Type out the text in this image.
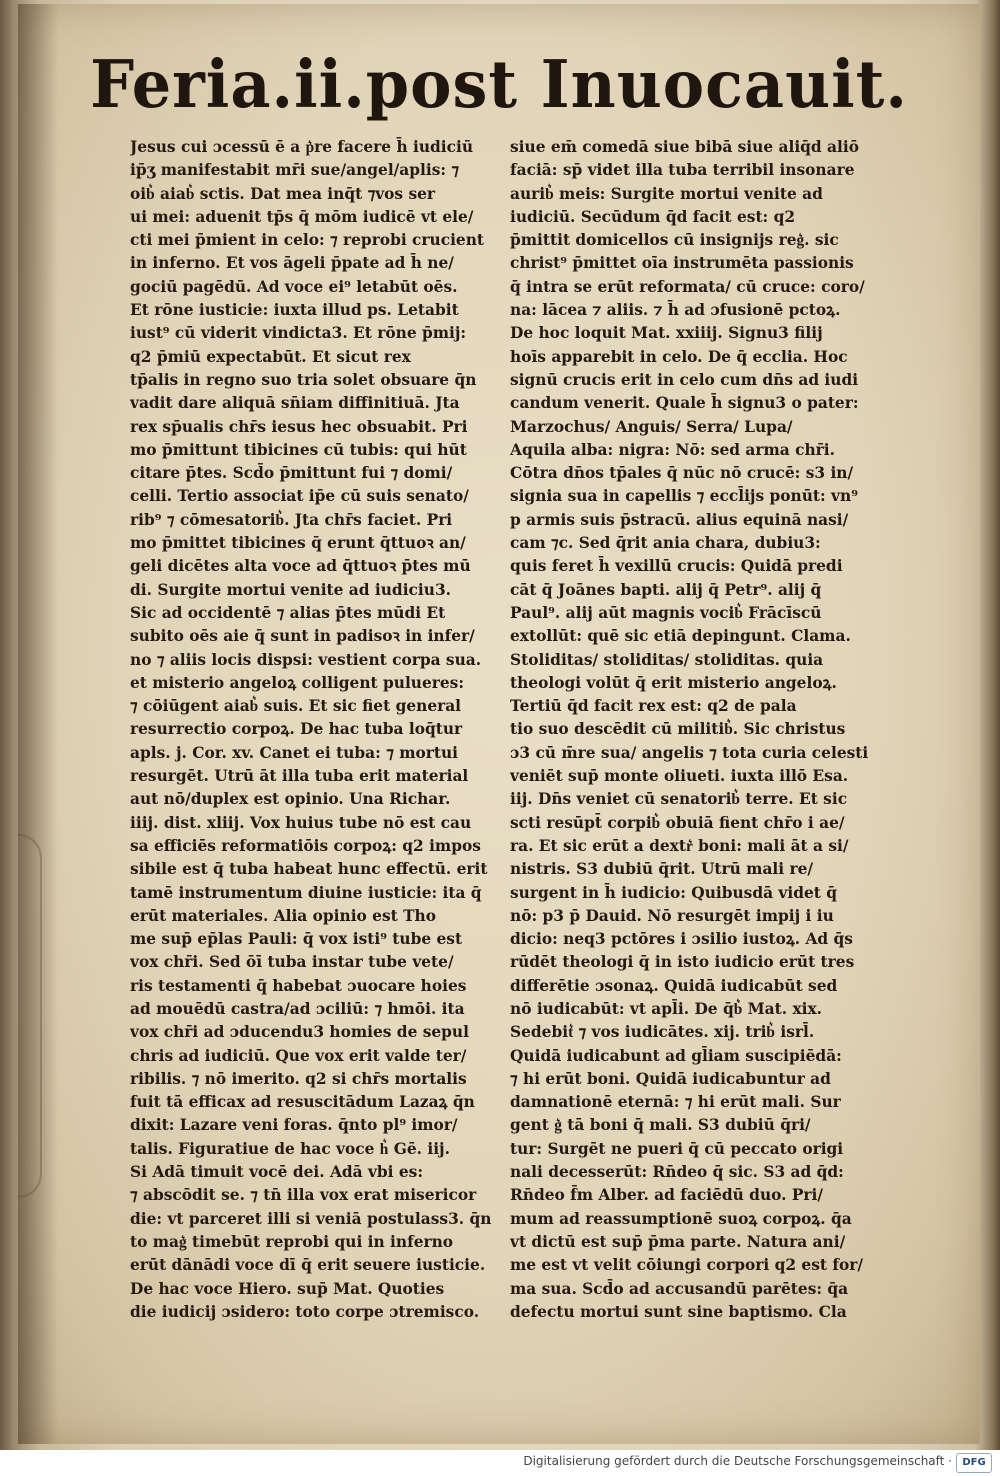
Feria.ii.post Inuocauit.
Jesus cui ɔcessū ē a p͛re facere h̄ iudiciū
ip̄ʒ manifestabit mr̄i sue/angel/aplis: ⁊
oib͛ aiab͛ sctis. Dat mea inq̄t ⁊vos ser
ui mei: aduenit tp̄s q̄ mōm iudicē vt ele/
cti mei p̄mient in celo: ⁊ reprobi crucient
in inferno. Et vos āgeli p̄pate ad h̄ ne/
gociū pagēdū. Ad voce ei⁹ letabūt oēs.
Et rōne iusticie: iuxta illud ps. Letabit
iust⁹ cū viderit vindicta3. Et rōne p̄mij:
q2 p̄miū expectabūt. Et sicut rex
tp̄alis in regno suo tria solet obsuare q̄n
vadit dare aliquā sn̄iam diffinitiuā. Jta
rex sp̄ualis chr̄s iesus hec obsuabit. Pri
mo p̄mittunt tibicines cū tubis: qui hūt
citare p̄tes. Scd̄o p̄mittunt fui ⁊ domi/
celli. Tertio associat ip̄e cū suis senato/
rib⁹ ⁊ cōmesatorib͛. Jta chr̄s faciet. Pri
mo p̄mittet tibicines q̄ erunt q̄ttuoꝛ an/
geli dicētes alta voce ad q̄ttuoꝛ p̄tes mū
di. Surgite mortui venite ad iudiciu3.
Sic ad occidentē ⁊ alias p̄tes mūdi Et
subito oēs aie q̄ sunt in padisoꝛ in infer/
no ⁊ aliis locis dispsi: vestient corpa sua.
et misterio angeloꝝ colligent pulueres:
⁊ cōiūgent aiab͛ suis. Et sic fiet general
resurrectio corpoꝝ. De hac tuba loq̄tur
apls. j. Cor. xv. Canet ei tuba: ⁊ mortui
resurgēt. Utrū āt illa tuba erit material
aut nō/duplex est opinio. Una Richar.
iiij. dist. xliij. Vox huius tube nō est cau
sa efficiēs reformatiōis corpoꝝ: q2 impos
sibile est q̄ tuba habeat hunc effectū. erit
tamē instrumentum diuine iusticie: ita q̄
erūt materiales. Alia opinio est Tho
me sup̄ ep̄las Pauli: q̄ vox isti⁹ tube est
vox chr̄i. Sed ōī tuba instar tube vete/
ris testamenti q̄ habebat ɔuocare hoies
ad mouēdū castra/ad ɔciliū: ⁊ hmōi. ita
vox chr̄i ad ɔducendu3 homies de sepul
chris ad iudiciū. Que vox erit valde ter/
ribilis. ⁊ nō imerito. q2 si chr̄s mortalis
fuit tā efficax ad resuscitādum Lazaꝝ q̄n
dixit: Lazare veni foras. q̄nto pl⁹ imor/
talis. Figuratiue de hac voce h͛ Gē. iij.
Si Adā timuit vocē dei. Adā vbi es:
⁊ abscōdit se. ⁊ tn̄ illa vox erat misericor
die: vt parceret illi si veniā postulass3. q̄n
to mag͛ timebūt reprobi qui in inferno
erūt dānādi voce dī q̄ erit seuere iusticie.
De hac voce Hiero. sup̄ Mat. Quoties
die iudicij ɔsidero: toto corpe ɔtremisco.
siue em̄ comedā siue bibā siue aliq̄d aliō
faciā: sp̄ videt illa tuba terribil insonare
aurib͛ meis: Surgite mortui venite ad
iudiciū. Secūdum q̄d facit est: q2
p̄mittit domicellos cū insignijs reg͛. sic
christ⁹ p̄mittet oīa instrumēta passionis
q̄ intra se erūt reformata/ cū cruce: coro/
na: lācea ⁊ aliis. ⁊ h̄ ad ɔfusionē pctoꝝ.
De hoc loquit Mat. xxiiij. Signu3 filij
hoīs apparebit in celo. De q̄ ecclia. Hoc
signū crucis erit in celo cum dn̄s ad iudi
candum venerit. Quale h̄ signu3 o pater:
Marzochus/ Anguis/ Serra/ Lupa/
Aquila alba: nigra: Nō: sed arma chr̄i.
Cōtra dn̄os tp̄ales q̄ nūc nō crucē: s3 in/
signia sua in capellis ⁊ eccl̄ijs ponūt: vn⁹
p armis suis p̄stracū. alius equinā nasi/
cam ⁊c. Sed q̄rit ania chara, dubiu3:
quis feret h̄ vexillū crucis: Quidā predi
cāt q̄ Joānes bapti. alij q̄ Petr⁹. alij q̄
Paul⁹. alij aūt magnis vocib͛ Frācīscū
extollūt: quē sic etiā depingunt. Clama.
Stoliditas/ stoliditas/ stoliditas. quia
theologi volūt q̄ erit misterio angeloꝝ.
Tertiū q̄d facit rex est: q2 de pala
tio suo descēdit cū militib͛. Sic christus
ɔ3 cū m̄re sua/ angelis ⁊ tota curia celesti
veniēt sup̄ monte oliueti. iuxta illō Esa.
iij. Dn̄s veniet cū senatorib͛ terre. Et sic
scti resūpt̄ corpib͛ obuiā fient chr̄o i ae/
ra. Et sic erūt a dextr͛ boni: mali āt a si/
nistris. S3 dubiū q̄rit. Utrū mali re/
surgent in h̄ iudicio: Quibusdā videt q̄
nō: p3 p̄ Dauid. Nō resurgēt impij i iu
dicio: neq3 pctōres i ɔsilio iustoꝝ. Ad q̄s
rūdēt theologi q̄ in isto iudicio erūt tres
differētie ɔsonaꝝ. Quidā iudicabūt sed
nō iudicabūt: vt apl̄i. De q̄b͛ Mat. xix.
Sedebit͛ ⁊ vos iudicātes. xij. trib͛ isrl̄.
Quidā iudicabunt ad gl̄iam suscipiēdā:
⁊ hi erūt boni. Quidā iudicabuntur ad
damnationē eternā: ⁊ hi erūt mali. Sur
gent g͛ tā boni q̄ mali. S3 dubiū q̄ri/
tur: Surgēt ne pueri q̄ cū peccato origi
nali decesserūt: Rn̄deo q̄ sic. S3 ad q̄d:
Rn̄deo f̄m Alber. ad faciēdū duo. Pri/
mum ad reassumptionē suoꝝ corpoꝝ. q̄a
vt dictū est sup̄ p̄ma parte. Natura ani/
me est vt velit cōiungi corpori q2 est for/
ma sua. Scd̄o ad accusandū parētes: q̄a
defectu mortui sunt sine baptismo. Cla
Digitalisierung gefördert durch die Deutsche Forschungsgemeinschaft ·	DFG
